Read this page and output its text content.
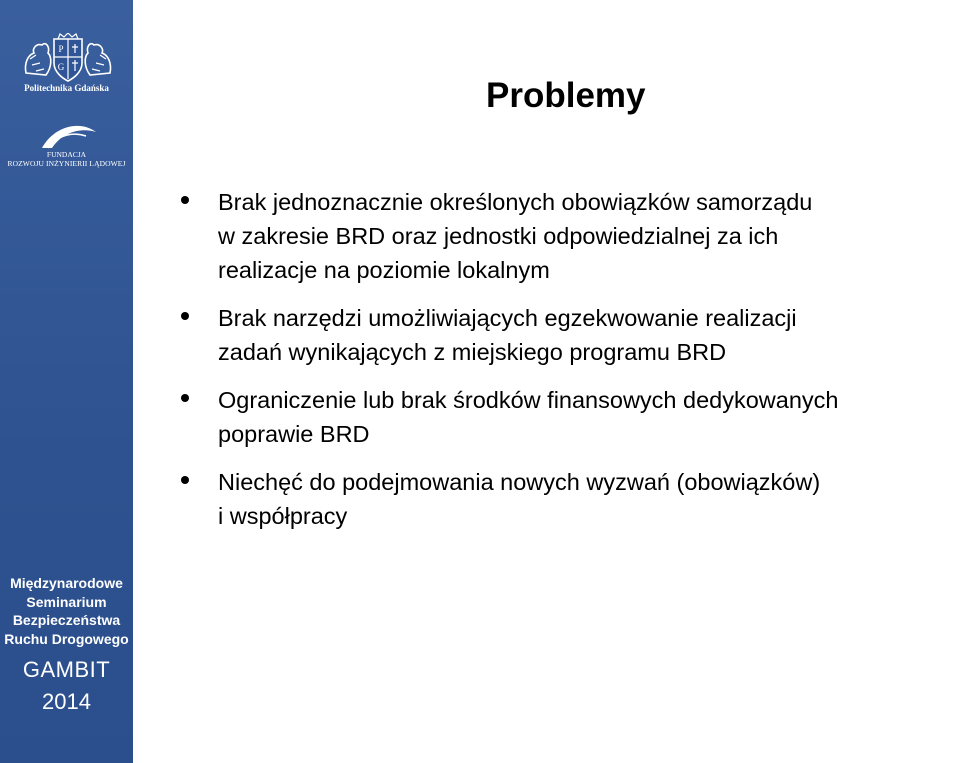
P
G
Politechnika Gdańska
FUNDACJA
ROZWOJU INŻYNIERII LĄDOWEJ
Międzynarodowe
Seminarium
Bezpieczeństwa
Ruchu Drogowego
GAMBIT
2014
Problemy
Brak jednoznacznie określonych obowiązków samorządu
w zakresie BRD oraz jednostki odpowiedzialnej za ich
realizacje na poziomie lokalnym
Brak narzędzi umożliwiających egzekwowanie realizacji
zadań wynikających z miejskiego programu BRD
Ograniczenie lub brak środków finansowych dedykowanych
poprawie BRD
Niechęć do podejmowania nowych wyzwań (obowiązków)
i współpracy
